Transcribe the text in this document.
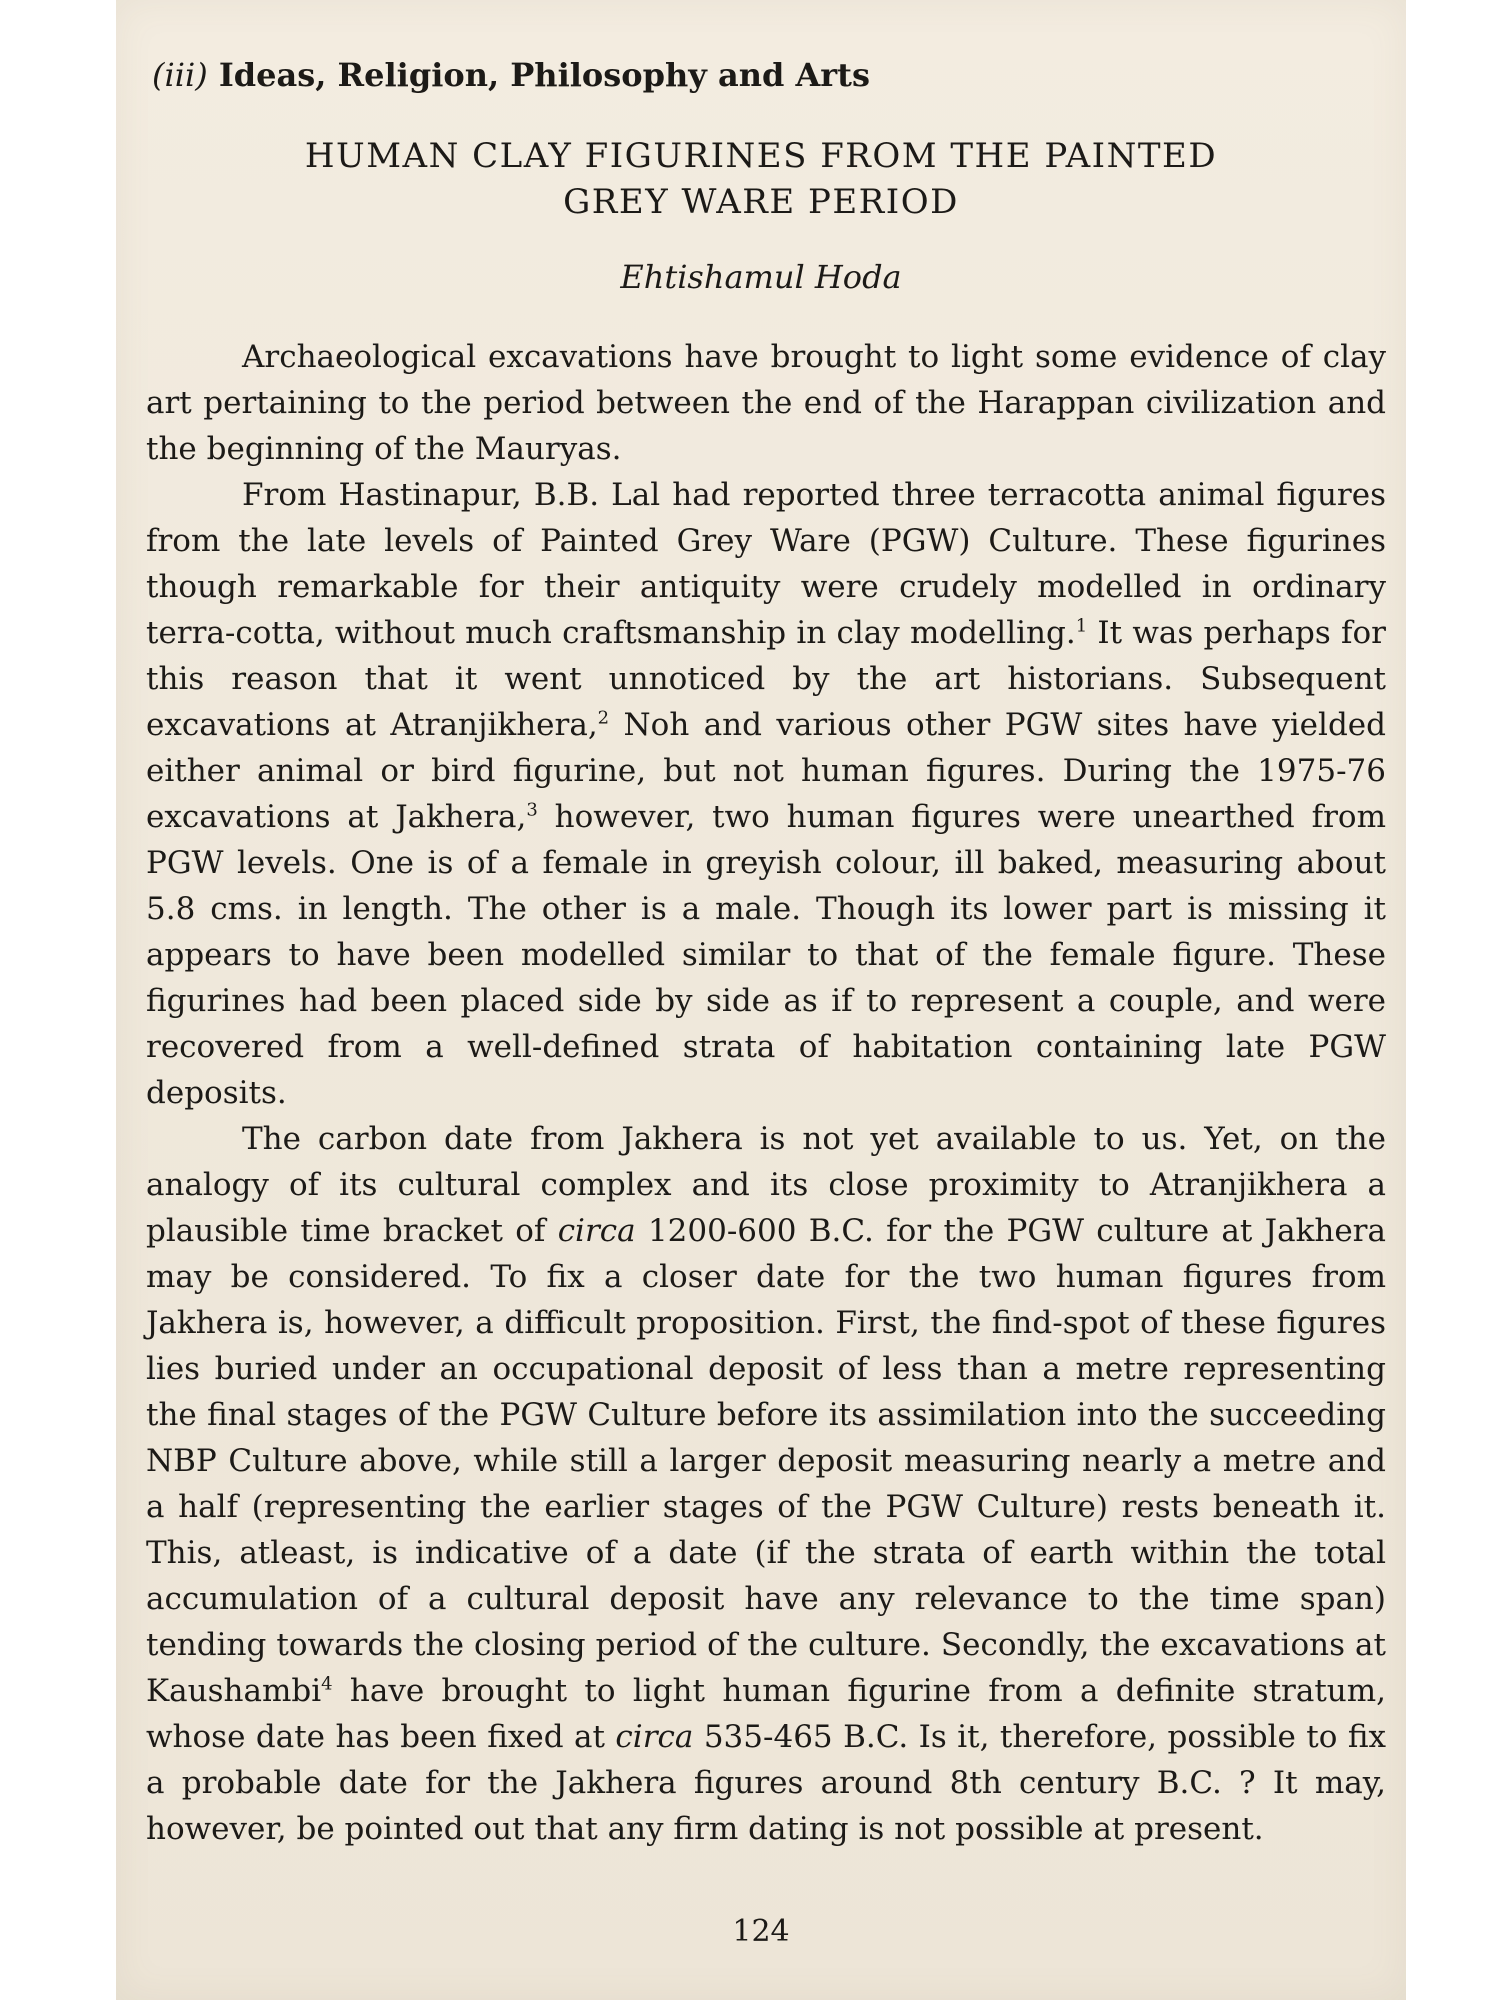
(iii) Ideas, Religion, Philosophy and Arts
HUMAN CLAY FIGURINES FROM THE PAINTED
GREY WARE PERIOD
Ehtishamul Hoda

Archaeological excavations have brought to light some evidence of clay art pertaining to the period between the end of the Harappan civilization and the beginning of the Mauryas.

From Hastinapur, B.B. Lal had reported three terracotta animal figures from the late levels of Painted Grey Ware (PGW) Culture. These figurines though remarkable for their antiquity were crudely modelled in ordinary terra-cotta, without much craftsmanship in clay modelling.$^1$ It was perhaps for this reason that it went unnoticed by the art historians. Subsequent excavations at Atranjikhera,$^2$ Noh and various other PGW sites have yielded either animal or bird figurine, but not human figures. During the 1975-76 excavations at Jakhera,$^3$ however, two human figures were unearthed from PGW levels. One is of a female in greyish colour, ill baked, measuring about 5.8 cms. in length. The other is a male. Though its lower part is missing it appears to have been modelled similar to that of the female figure. These figurines had been placed side by side as if to represent a couple, and were recovered from a well-defined strata of habitation containing late PGW deposits.

The carbon date from Jakhera is not yet available to us. Yet, on the analogy of its cultural complex and its close proximity to Atranjikhera a plausible time bracket of circa 1200-600 B.C. for the PGW culture at Jakhera may be considered. To fix a closer date for the two human figures from Jakhera is, however, a difficult proposition. First, the find-spot of these figures lies buried under an occupational deposit of less than a metre representing the final stages of the PGW Culture before its assimilation into the succeeding NBP Culture above, while still a larger deposit measuring nearly a metre and a half (representing the earlier stages of the PGW Culture) rests beneath it. This, atleast, is indicative of a date (if the strata of earth within the total accumulation of a cultural deposit have any relevance to the time span) tending towards the closing period of the culture. Secondly, the excavations at Kaushambi$^4$ have brought to light human figurine from a definite stratum, whose date has been fixed at circa 535-465 B.C. Is it, therefore, possible to fix a probable date for the Jakhera figures around 8th century B.C. ? It may, however, be pointed out that any firm dating is not possible at present.

124
